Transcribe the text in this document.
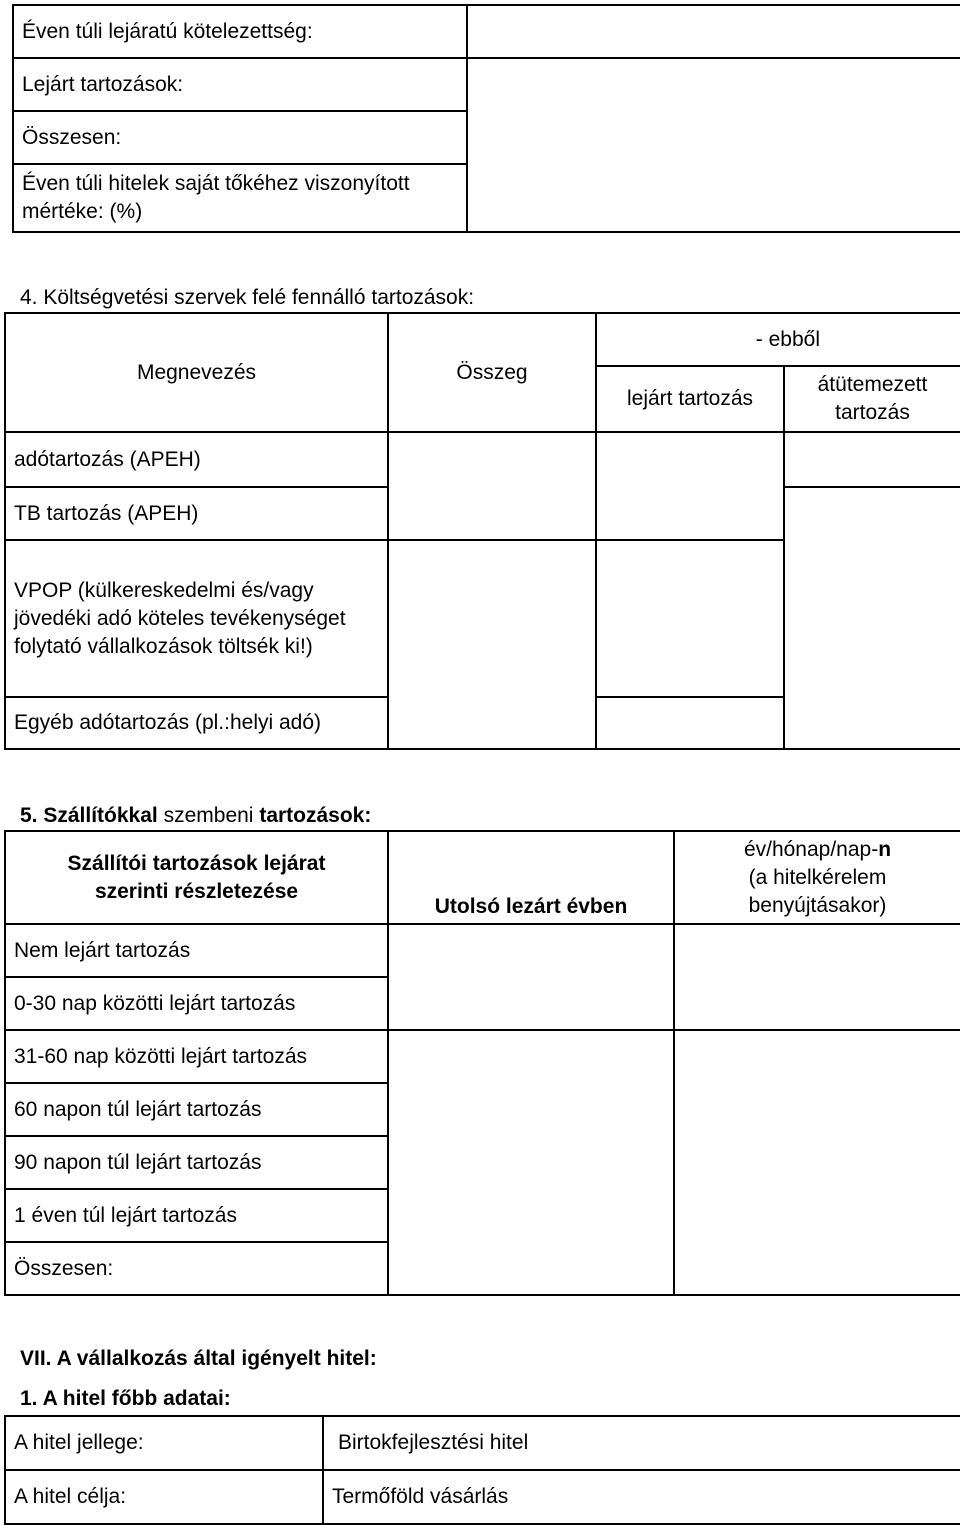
Éven túli lejáratú kötelezettség:	
Lejárt tartozások:	
Összesen:	
Éven túli hitelek saját tőkéhez viszonyított mértéke: (%)	
4. Költségvetési szervek felé fennálló tartozások:
Megnevezés	Összeg	- ebből	
		lejárt tartozás	átütemezett tartozás
adótartozás (APEH)			
TB tartozás (APEH)			
VPOP (külkereskedelmi és/vagy jövedéki adó köteles tevékenységet folytató vállalkozások töltsék ki!)			
Egyéb adótartozás (pl.:helyi adó)			
5. Szállítókkal szembeni tartozások:
Szállítói tartozások lejárat szerinti részletezése	Utolsó lezárt évben	év/hónap/nap-n
(a hitelkérelem benyújtásakor)
Nem lejárt tartozás		
0-30 nap közötti lejárt tartozás		
31-60 nap közötti lejárt tartozás		
60 napon túl lejárt tartozás		
90 napon túl lejárt tartozás		
1 éven túl lejárt tartozás		
Összesen:		
VII. A vállalkozás által igényelt hitel:
1. A hitel főbb adatai:
A hitel jellege:	Birtokfejlesztési hitel
A hitel célja:	Termőföld vásárlás
